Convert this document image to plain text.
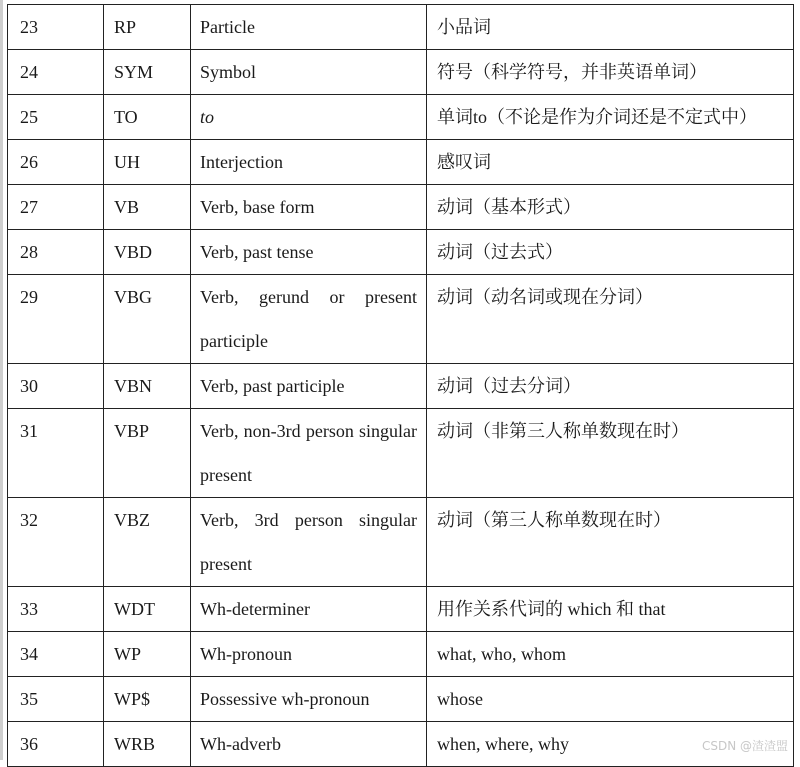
23	RP	Particle	小品词
24	SYM	Symbol	符号（科学符号，并非英语单词）
25	TO	to	单词to（不论是作为介词还是不定式中）
26	UH	Interjection	感叹词
27	VB	Verb, base form	动词（基本形式）
28	VBD	Verb, past tense	动词（过去式）
29	VBG	Verb, gerund or present participle	动词（动名词或现在分词）
30	VBN	Verb, past participle	动词（过去分词）
31	VBP	Verb, non-3rd person singular present	动词（非第三人称单数现在时）
32	VBZ	Verb, 3rd person singular present	动词（第三人称单数现在时）
33	WDT	Wh-determiner	用作关系代词的 which 和 that
34	WP	Wh-pronoun	what, who, whom
35	WP$	Possessive wh-pronoun	whose
36	WRB	Wh-adverb	when, where, why	CSDN @渣渣盟
